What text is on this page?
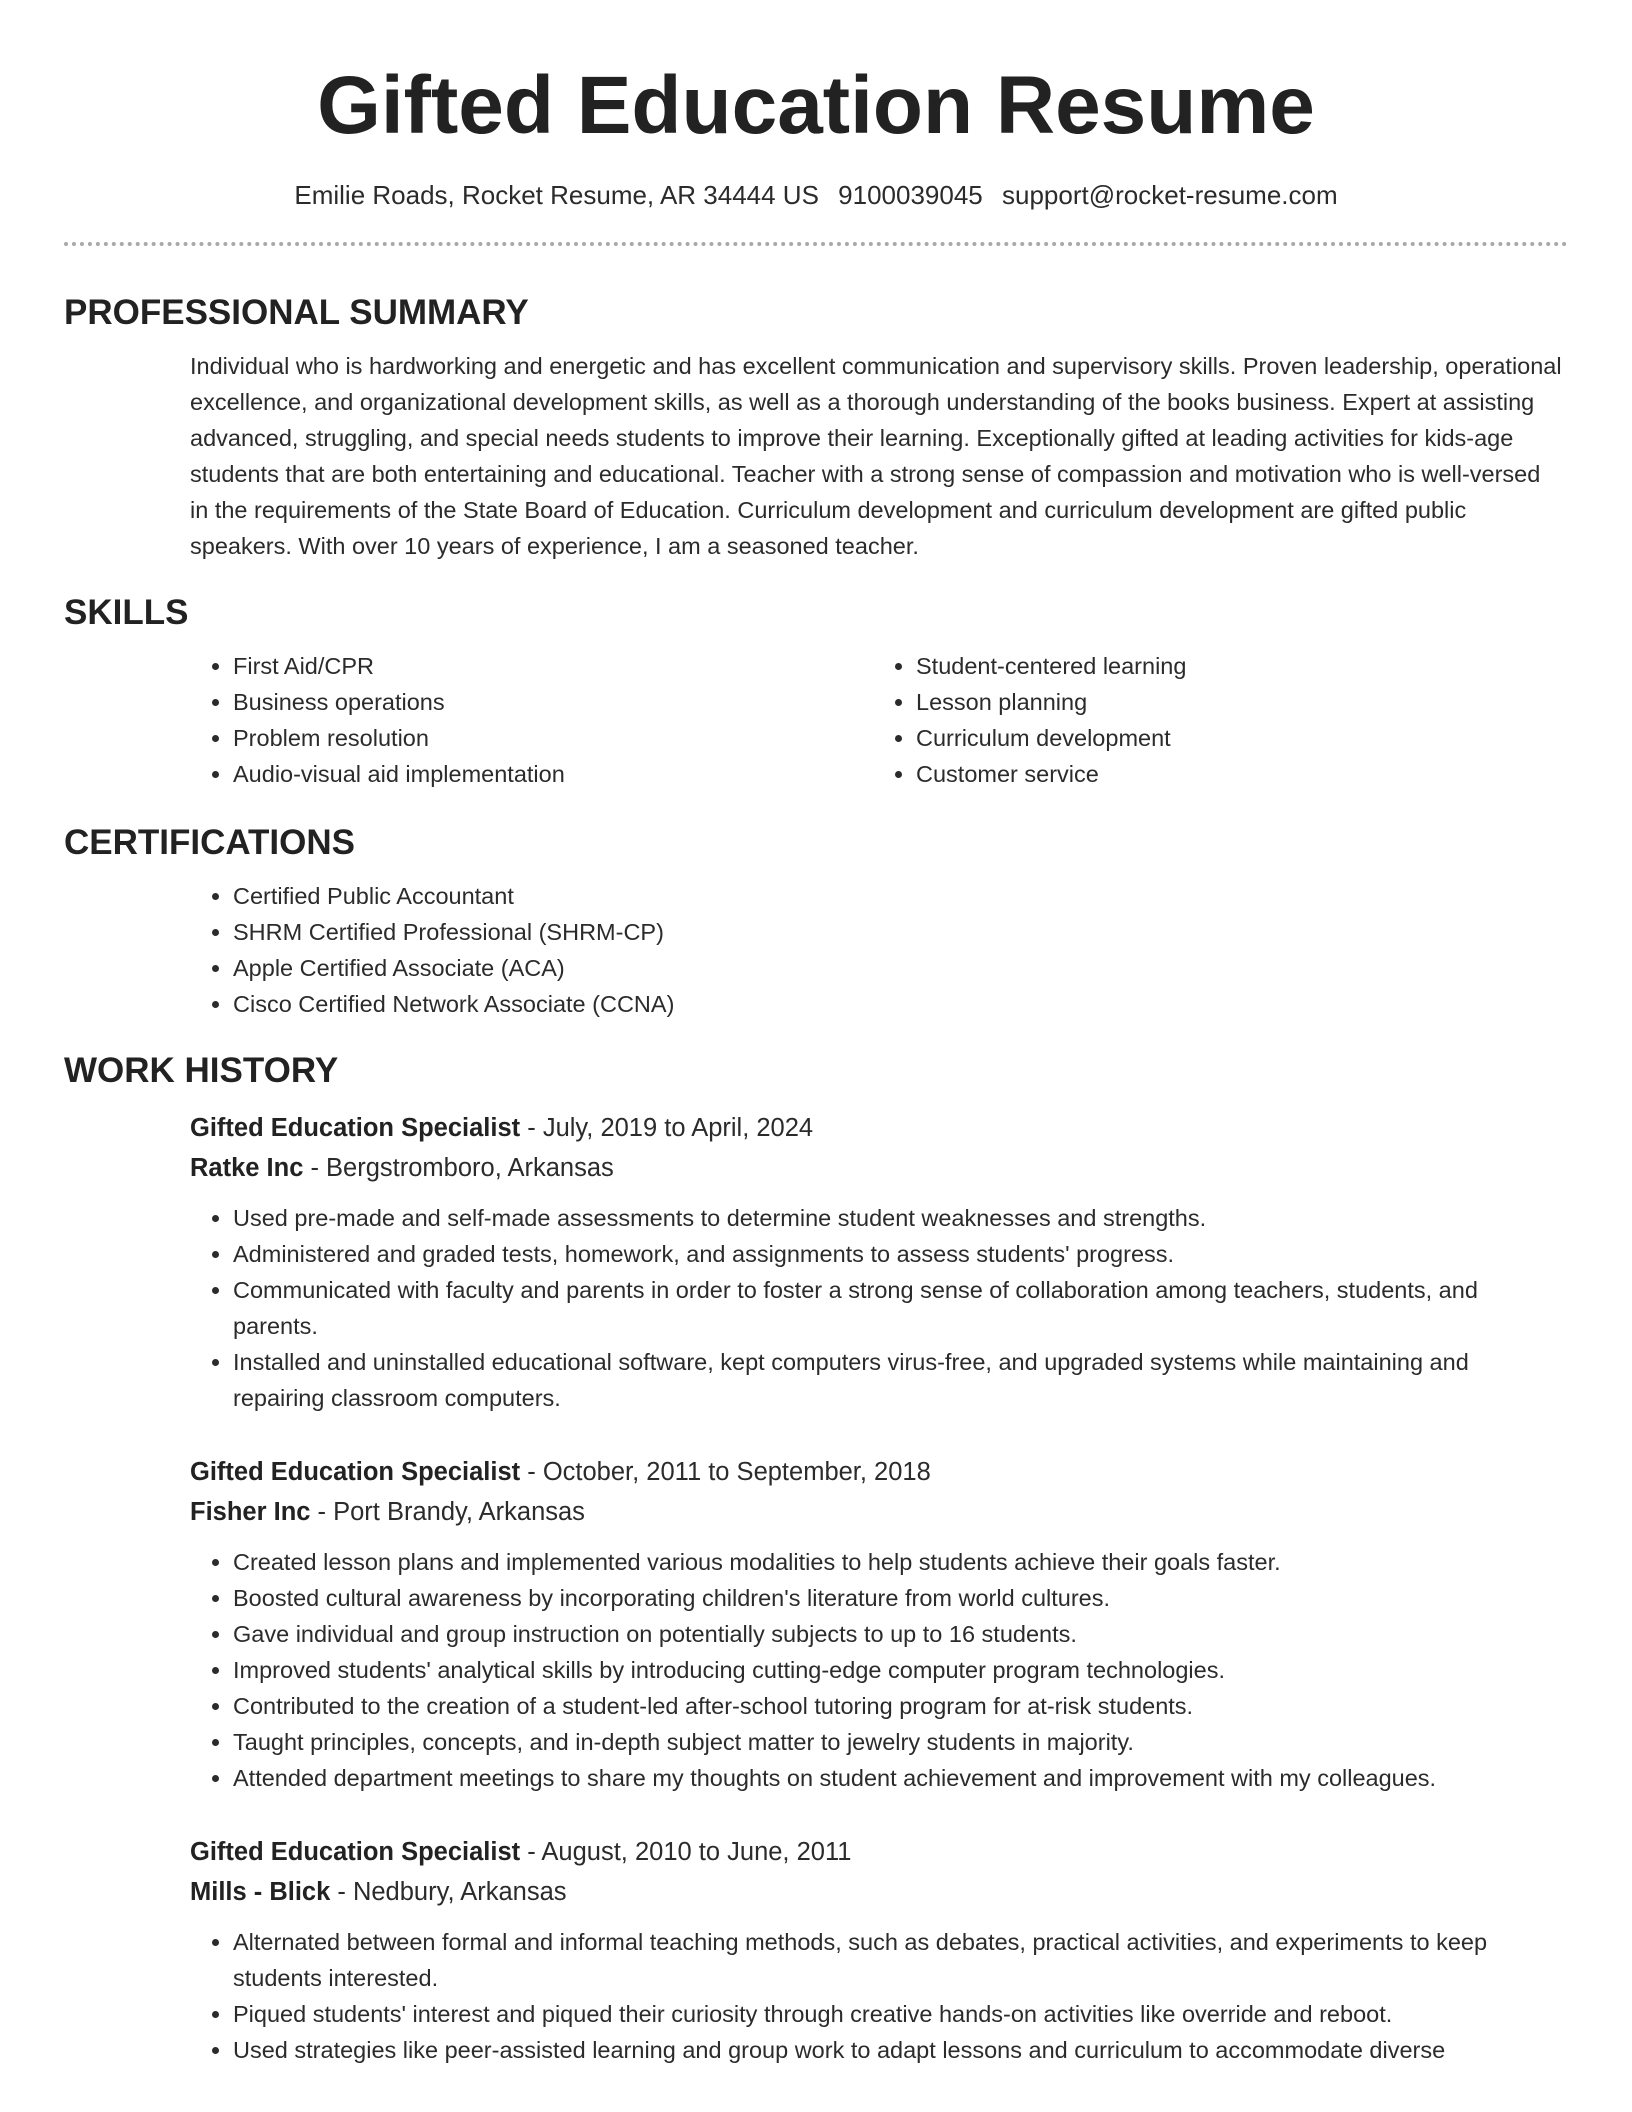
Gifted Education Resume
Emilie Roads, Rocket Resume, AR 34444 US 9100039045 support@rocket-resume.com
PROFESSIONAL SUMMARY
Individual who is hardworking and energetic and has excellent communication and supervisory skills. Proven leadership, operational excellence, and organizational development skills, as well as a thorough understanding of the books business. Expert at assisting advanced, struggling, and special needs students to improve their learning. Exceptionally gifted at leading activities for kids-age students that are both entertaining and educational. Teacher with a strong sense of compassion and motivation who is well-versed in the requirements of the State Board of Education. Curriculum development and curriculum development are gifted public speakers. With over 10 years of experience, I am a seasoned teacher.
SKILLS
• First Aid/CPR
• Business operations
• Problem resolution
• Audio-visual aid implementation
• Student-centered learning
• Lesson planning
• Curriculum development
• Customer service
CERTIFICATIONS
• Certified Public Accountant
• SHRM Certified Professional (SHRM-CP)
• Apple Certified Associate (ACA)
• Cisco Certified Network Associate (CCNA)
WORK HISTORY
Gifted Education Specialist - July, 2019 to April, 2024
Ratke Inc - Bergstromboro, Arkansas
• Used pre-made and self-made assessments to determine student weaknesses and strengths.
• Administered and graded tests, homework, and assignments to assess students' progress.
• Communicated with faculty and parents in order to foster a strong sense of collaboration among teachers, students, and parents.
• Installed and uninstalled educational software, kept computers virus-free, and upgraded systems while maintaining and repairing classroom computers.
Gifted Education Specialist - October, 2011 to September, 2018
Fisher Inc - Port Brandy, Arkansas
• Created lesson plans and implemented various modalities to help students achieve their goals faster.
• Boosted cultural awareness by incorporating children's literature from world cultures.
• Gave individual and group instruction on potentially subjects to up to 16 students.
• Improved students' analytical skills by introducing cutting-edge computer program technologies.
• Contributed to the creation of a student-led after-school tutoring program for at-risk students.
• Taught principles, concepts, and in-depth subject matter to jewelry students in majority.
• Attended department meetings to share my thoughts on student achievement and improvement with my colleagues.
Gifted Education Specialist - August, 2010 to June, 2011
Mills - Blick - Nedbury, Arkansas
• Alternated between formal and informal teaching methods, such as debates, practical activities, and experiments to keep students interested.
• Piqued students' interest and piqued their curiosity through creative hands-on activities like override and reboot.
• Used strategies like peer-assisted learning and group work to adapt lessons and curriculum to accommodate diverse
